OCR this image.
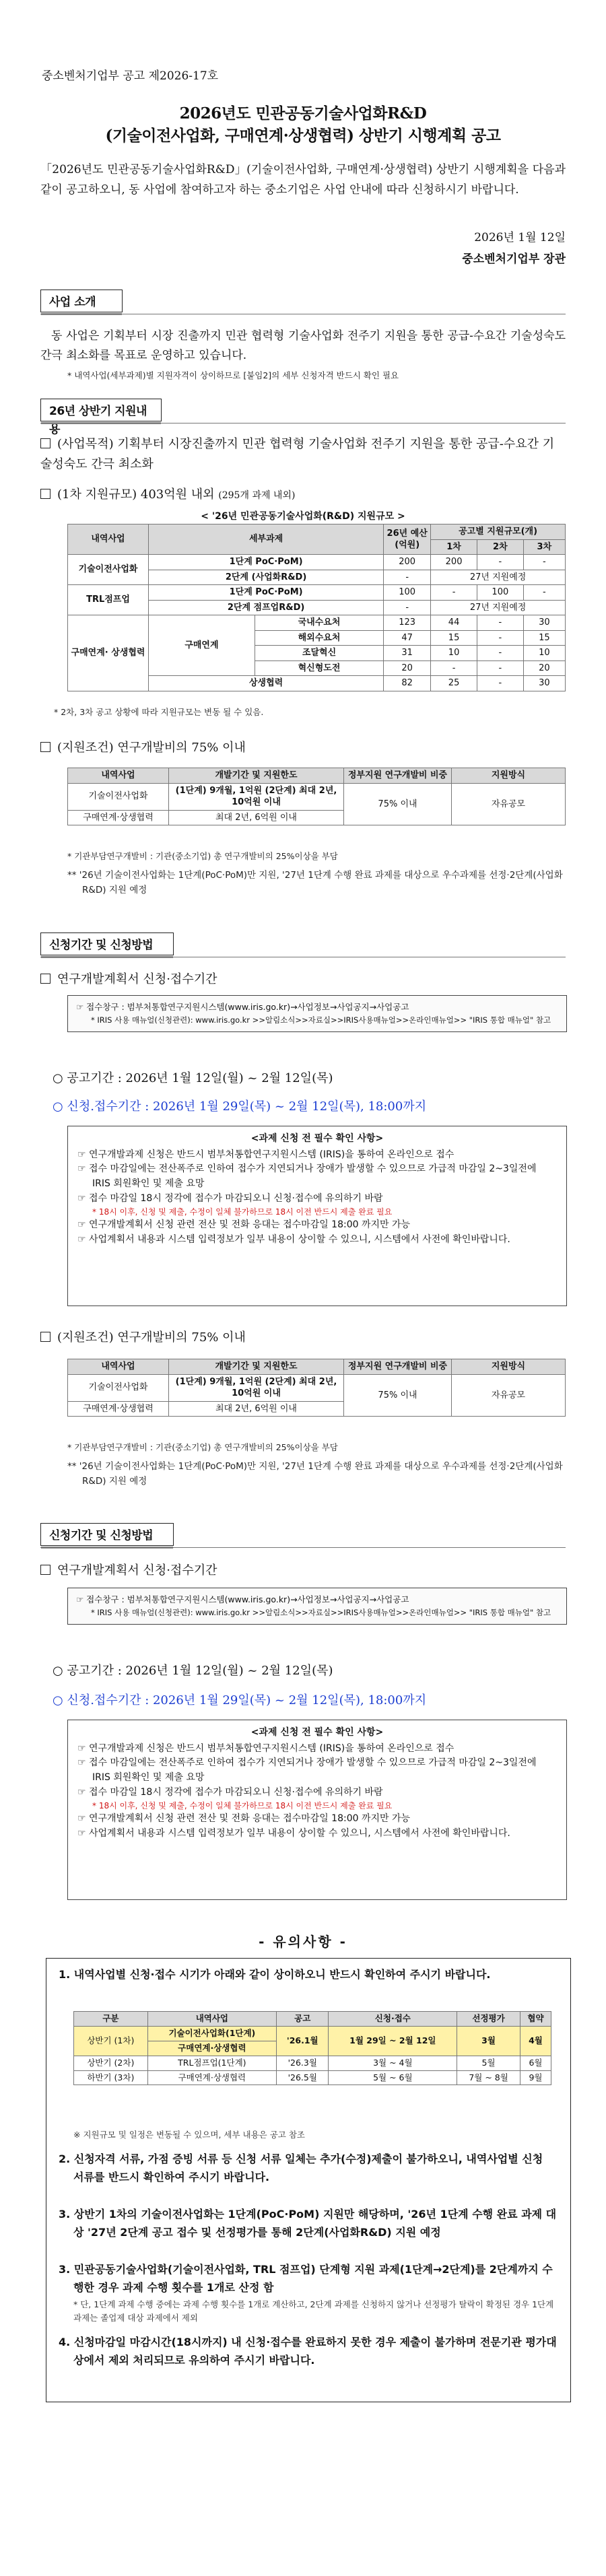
중소벤처기업부 공고 제2026-17호
2026년도 민관공동기술사업화R&D
(기술이전사업화, 구매연계·상생협력) 상반기 시행계획 공고
「2026년도 민관공동기술사업화R&D」(기술이전사업화, 구매연계·상생협력) 상반기 시행계획을 다음과 같이 공고하오니, 동 사업에 참여하고자 하는 중소기업은 사업 안내에 따라 신청하시기 바랍니다.
2026년 1월 12일
중소벤처기업부 장관
사업 소개
동 사업은 기획부터 시장 진출까지 민관 협력형 기술사업화 전주기 지원을 통한 공급-수요간 기술성숙도 간극 최소화를 목표로 운영하고 있습니다.
* 내역사업(세부과제)별 지원자격이 상이하므로 [붙임2]의 세부 신청자격 반드시 확인 필요
26년 상반기 지원내용
(사업목적) 기획부터 시장진출까지 민관 협력형 기술사업화 전주기 지원을 통한 공급-수요간 기술성숙도 간극 최소화
(1차 지원규모) 403억원 내외 (295개 과제 내외)
< '26년 민관공동기술사업화(R&D) 지원규모 >
내역사업	세부과제		26년 예산 (억원)	공고별 지원규모(개)		
				1차	2차	3차
기술이전사업화	1단계 PoC·PoM)		200	200	-	-
	2단계 (사업화R&D)		-	27년 지원예정		
TRL점프업	1단계 PoC·PoM)		100	-	100	-
	2단계 점프업R&D)		-	27년 지원예정		
구매연계· 상생협력	구매연계	국내수요처	123	44	-	30
		해외수요처	47	15	-	15
		조달혁신	31	10	-	10
		혁신형도전	20	-	-	20
	상생협력		82	25	-	30
* 2차, 3차 공고 상황에 따라 지원규모는 변동 될 수 있음.
(지원조건) 연구개발비의 75% 이내
내역사업	개발기간 및 지원한도	정부지원 연구개발비 비중	지원방식
기술이전사업화	(1단계) 9개월, 1억원 (2단계) 최대 2년, 10억원 이내	75% 이내	자유공모
구매연계·상생협력	최대 2년, 6억원 이내		
* 기관부담연구개발비 : 기관(중소기업) 총 연구개발비의 25%이상을 부담
** '26년 기술이전사업화는 1단계(PoC·PoM)만 지원, '27년 1단계 수행 완료 과제를 대상으로 우수과제를 선정·2단계(사업화R&D) 지원 예정
신청기간 및 신청방법
연구개발계획서 신청·접수기간
☞ 접수창구 : 범부처통합연구지원시스템(www.iris.go.kr)→사업정보→사업공지→사업공고
* IRIS 사용 매뉴얼(신청관련): www.iris.go.kr >>알림소식>>자료실>>IRIS사용매뉴얼>>온라인매뉴얼>> "IRIS 통합 매뉴얼" 참고
○ 공고기간 : 2026년 1월 12일(월) ~ 2월 12일(목)
○ 신청.접수기간 : 2026년 1월 29일(목) ~ 2월 12일(목), 18:00까지
<과제 신청 전 필수 확인 사항>
☞ 연구개발과제 신청은 반드시 범부처통합연구지원시스템 (IRIS)을 통하여 온라인으로 접수
☞ 접수 마감일에는 전산폭주로 인하여 접수가 지연되거나 장애가 발생할 수 있으므로 가급적 마감일 2~3일전에 IRIS 회원확인 및 제출 요망
☞ 접수 마감일 18시 정각에 접수가 마감되오니 신청·접수에 유의하기 바람
* 18시 이후, 신청 및 제출, 수정이 일체 불가하므로 18시 이전 반드시 제출 완료 필요
☞ 연구개발계획서 신청 관련 전산 및 전화 응대는 접수마감일 18:00 까지만 가능
☞ 사업계획서 내용과 시스템 입력정보가 일부 내용이 상이할 수 있으니, 시스템에서 사전에 확인바랍니다.
(지원조건) 연구개발비의 75% 이내
내역사업	개발기간 및 지원한도	정부지원 연구개발비 비중	지원방식
기술이전사업화	(1단계) 9개월, 1억원 (2단계) 최대 2년, 10억원 이내	75% 이내	자유공모
구매연계·상생협력	최대 2년, 6억원 이내		
* 기관부담연구개발비 : 기관(중소기업) 총 연구개발비의 25%이상을 부담
** '26년 기술이전사업화는 1단계(PoC·PoM)만 지원, '27년 1단계 수행 완료 과제를 대상으로 우수과제를 선정·2단계(사업화R&D) 지원 예정
신청기간 및 신청방법
연구개발계획서 신청·접수기간
☞ 접수창구 : 범부처통합연구지원시스템(www.iris.go.kr)→사업정보→사업공지→사업공고
* IRIS 사용 매뉴얼(신청관련): www.iris.go.kr >>알림소식>>자료실>>IRIS사용매뉴얼>>온라인매뉴얼>> "IRIS 통합 매뉴얼" 참고
○ 공고기간 : 2026년 1월 12일(월) ~ 2월 12일(목)
○ 신청.접수기간 : 2026년 1월 29일(목) ~ 2월 12일(목), 18:00까지
<과제 신청 전 필수 확인 사항>
☞ 연구개발과제 신청은 반드시 범부처통합연구지원시스템 (IRIS)을 통하여 온라인으로 접수
☞ 접수 마감일에는 전산폭주로 인하여 접수가 지연되거나 장애가 발생할 수 있으므로 가급적 마감일 2~3일전에 IRIS 회원확인 및 제출 요망
☞ 접수 마감일 18시 정각에 접수가 마감되오니 신청·접수에 유의하기 바람
* 18시 이후, 신청 및 제출, 수정이 일체 불가하므로 18시 이전 반드시 제출 완료 필요
☞ 연구개발계획서 신청 관련 전산 및 전화 응대는 접수마감일 18:00 까지만 가능
☞ 사업계획서 내용과 시스템 입력정보가 일부 내용이 상이할 수 있으니, 시스템에서 사전에 확인바랍니다.
- 유의사항 -
1. 내역사업별 신청·접수 시기가 아래와 같이 상이하오니 반드시 확인하여 주시기 바랍니다.
구분	내역사업	공고	신청·접수	선정평가	협약
상반기 (1차)	기술이전사업화(1단계)	'26.1월	1월 29일 ~ 2월 12일	3월	4월
	구매연계·상생협력				
상반기 (2차)	TRL점프업(1단계)	'26.3월	3월 ~ 4월	5월	6월
하반기 (3차)	구매연계·상생협력	'26.5월	5월 ~ 6월	7월 ~ 8월	9월
※ 지원규모 및 일정은 변동될 수 있으며, 세부 내용은 공고 참조
2. 신청자격 서류, 가점 증빙 서류 등 신청 서류 일체는 추가(수정)제출이 불가하오니, 내역사업별 신청 서류를 반드시 확인하여 주시기 바랍니다.
3. 상반기 1차의 기술이전사업화는 1단계(PoC·PoM) 지원만 해당하며, '26년 1단계 수행 완료 과제 대상 '27년 2단계 공고 접수 및 선정평가를 통해 2단계(사업화R&D) 지원 예정
3. 민관공동기술사업화(기술이전사업화, TRL 점프업) 단계형 지원 과제(1단계→2단계)를 2단계까지 수행한 경우 과제 수행 횟수를 1개로 산정 함
* 단, 1단계 과제 수행 중에는 과제 수행 횟수를 1개로 계산하고, 2단계 과제를 신청하지 않거나 선정평가 탈락이 확정된 경우 1단계 과제는 졸업제 대상 과제에서 제외
4. 신청마감일 마감시간(18시까지) 내 신청·접수를 완료하지 못한 경우 제출이 불가하며 전문기관 평가대상에서 제외 처리되므로 유의하여 주시기 바랍니다.
